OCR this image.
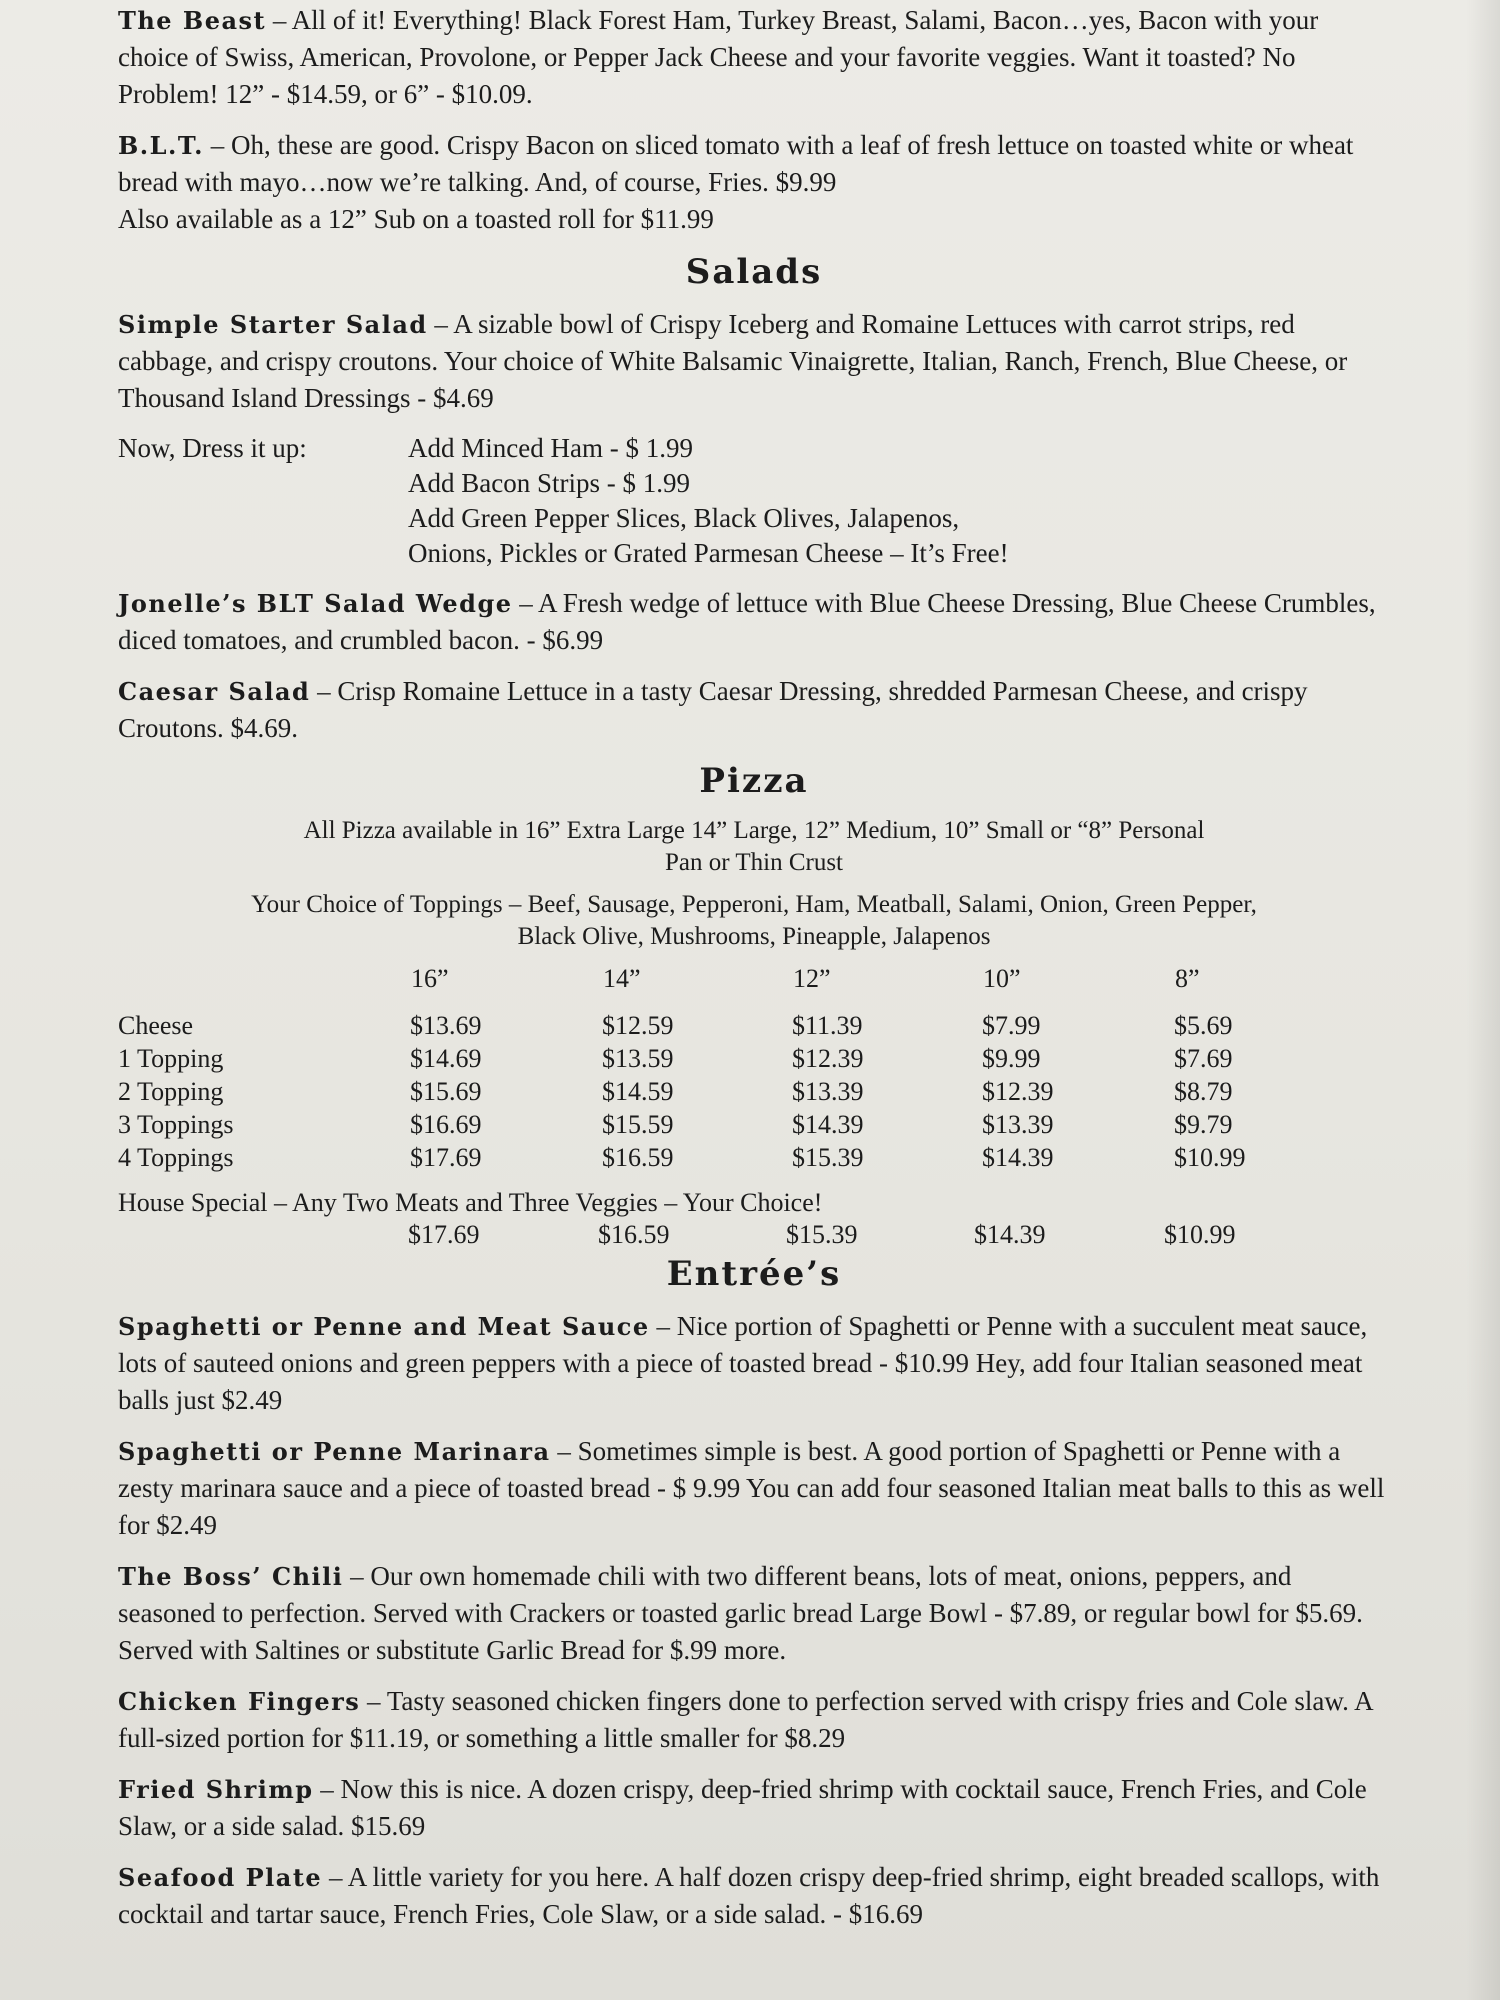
The Beast – All of it! Everything! Black Forest Ham, Turkey Breast, Salami, Bacon…yes, Bacon with your choice of Swiss, American, Provolone, or Pepper Jack Cheese and your favorite veggies. Want it toasted? No Problem! 12” - $14.59, or 6” - $10.09.
B.L.T. – Oh, these are good. Crispy Bacon on sliced tomato with a leaf of fresh lettuce on toasted white or wheat bread with mayo…now we’re talking. And, of course, Fries. $9.99
Also available as a 12” Sub on a toasted roll for $11.99
Salads
Simple Starter Salad – A sizable bowl of Crispy Iceberg and Romaine Lettuces with carrot strips, red cabbage, and crispy croutons. Your choice of White Balsamic Vinaigrette, Italian, Ranch, French, Blue Cheese, or Thousand Island Dressings - $4.69
Now, Dress it up:	Add Minced Ham - $ 1.99
Add Bacon Strips - $ 1.99
Add Green Pepper Slices, Black Olives, Jalapenos,
Onions, Pickles or Grated Parmesan Cheese – It’s Free!
Jonelle’s BLT Salad Wedge – A Fresh wedge of lettuce with Blue Cheese Dressing, Blue Cheese Crumbles, diced tomatoes, and crumbled bacon. - $6.99
Caesar Salad – Crisp Romaine Lettuce in a tasty Caesar Dressing, shredded Parmesan Cheese, and crispy Croutons. $4.69.
Pizza
All Pizza available in 16” Extra Large 14” Large, 12” Medium, 10” Small or “8” Personal
Pan or Thin Crust
Your Choice of Toppings – Beef, Sausage, Pepperoni, Ham, Meatball, Salami, Onion, Green Pepper,
Black Olive, Mushrooms, Pineapple, Jalapenos
	16”	14”	12”	10”	8”
Cheese	$13.69	$12.59	$11.39	$7.99	$5.69
1 Topping	$14.69	$13.59	$12.39	$9.99	$7.69
2 Topping	$15.69	$14.59	$13.39	$12.39	$8.79
3 Toppings	$16.69	$15.59	$14.39	$13.39	$9.79
4 Toppings	$17.69	$16.59	$15.39	$14.39	$10.99
House Special – Any Two Meats and Three Veggies – Your Choice!
$17.69	$16.59	$15.39	$14.39	$10.99
Entrée’s
Spaghetti or Penne and Meat Sauce – Nice portion of Spaghetti or Penne with a succulent meat sauce, lots of sauteed onions and green peppers with a piece of toasted bread - $10.99 Hey, add four Italian seasoned meat balls just $2.49
Spaghetti or Penne Marinara – Sometimes simple is best. A good portion of Spaghetti or Penne with a zesty marinara sauce and a piece of toasted bread - $ 9.99 You can add four seasoned Italian meat balls to this as well for $2.49
The Boss’ Chili – Our own homemade chili with two different beans, lots of meat, onions, peppers, and seasoned to perfection. Served with Crackers or toasted garlic bread Large Bowl - $7.89, or regular bowl for $5.69. Served with Saltines or substitute Garlic Bread for $.99 more.
Chicken Fingers – Tasty seasoned chicken fingers done to perfection served with crispy fries and Cole slaw. A full-sized portion for $11.19, or something a little smaller for $8.29
Fried Shrimp – Now this is nice. A dozen crispy, deep-fried shrimp with cocktail sauce, French Fries, and Cole Slaw, or a side salad. $15.69
Seafood Plate – A little variety for you here. A half dozen crispy deep-fried shrimp, eight breaded scallops, with cocktail and tartar sauce, French Fries, Cole Slaw, or a side salad. - $16.69
